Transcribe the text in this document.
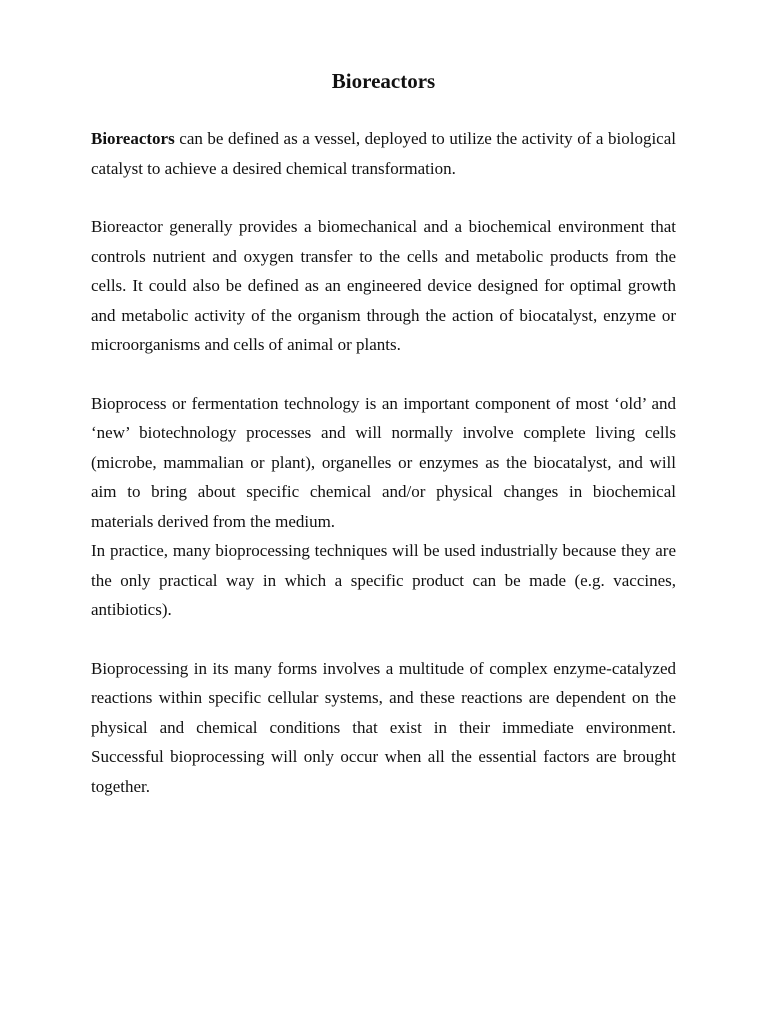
Bioreactors

Bioreactors can be defined as a vessel, deployed to utilize the activity of a biological catalyst to achieve a desired chemical transformation.

Bioreactor generally provides a biomechanical and a biochemical environment that controls nutrient and oxygen transfer to the cells and metabolic products from the cells. It could also be defined as an engineered device designed for optimal growth and metabolic activity of the organism through the action of biocatalyst, enzyme or microorganisms and cells of animal or plants.

Bioprocess or fermentation technology is an important component of most ‘old’ and ‘new’ biotechnology processes and will normally involve complete living cells (microbe, mammalian or plant), organelles or enzymes as the biocatalyst, and will aim to bring about specific chemical and/or physical changes in biochemical materials derived from the medium.

In practice, many bioprocessing techniques will be used industrially because they are the only practical way in which a specific product can be made (e.g. vaccines, antibiotics).

Bioprocessing in its many forms involves a multitude of complex enzyme-catalyzed reactions within specific cellular systems, and these reactions are dependent on the physical and chemical conditions that exist in their immediate environment. Successful bioprocessing will only occur when all the essential factors are brought together.
